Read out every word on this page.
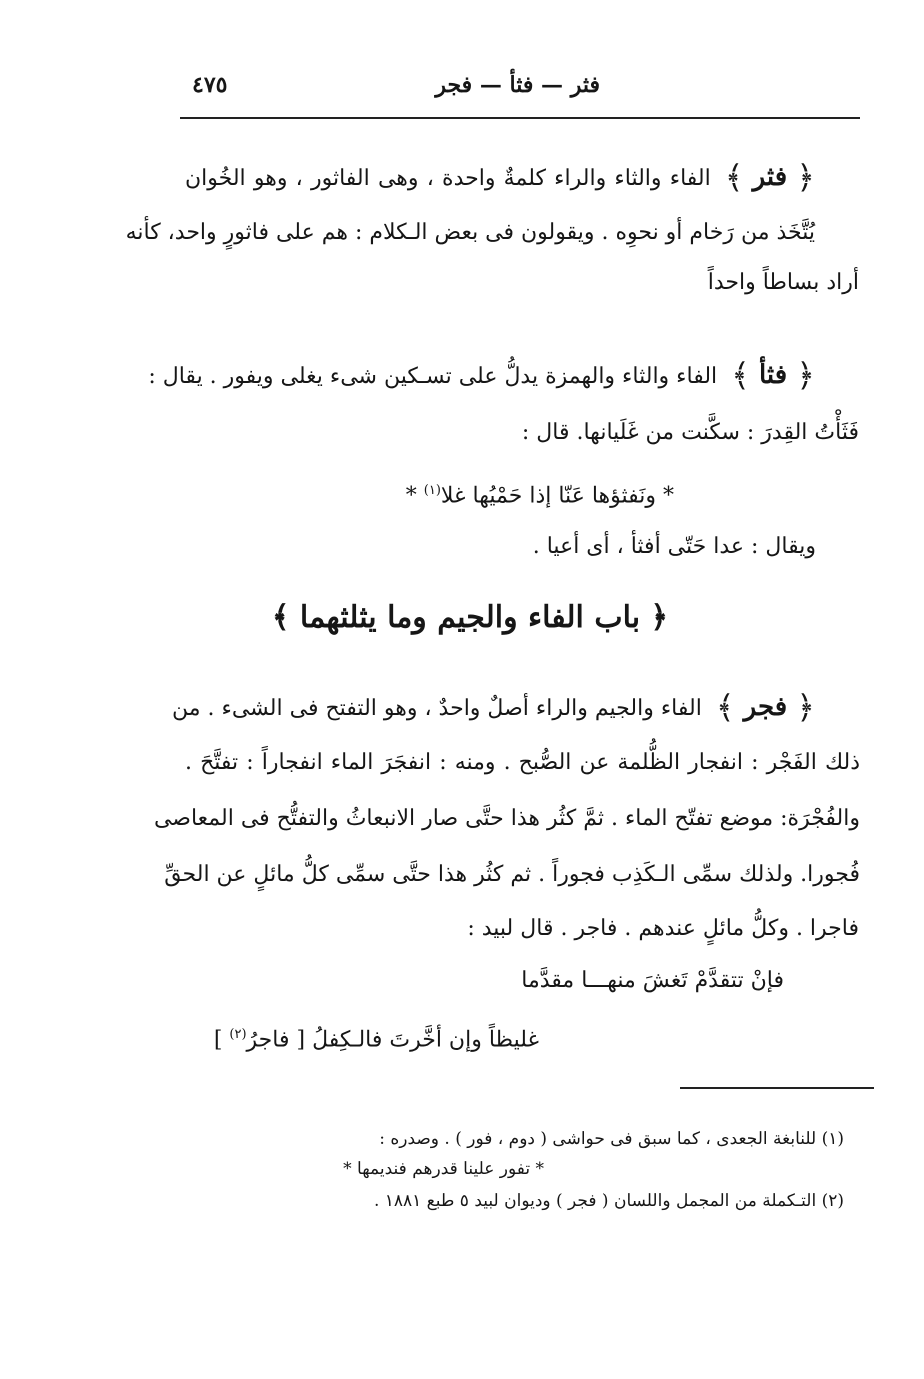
فثر — فثأ — فجر
٤٧٥
﴿ فثر ﴾الفاء والثاء والراء كلمةٌ واحدة ، وهى الفاثور ، وهو الخُوان
يُتَّخَذ من رَخام أو نحوِه . ويقولون فى بعض الـكلام : هم على فاثورٍ واحد، كأنه
أراد بساطاً واحداً
﴿ فثأ ﴾الفاء والثاء والهمزة يدلُّ على تسـكين شىء يغلى ويفور . يقال :
فَثَأْتُ القِدرَ : سكَّنت من غَلَيانها. قال :
* ونَفثؤها عَنّا إذا حَمْيُها غلا$^{(١)}$ *
ويقال : عدا حَتّى أفثأ ، أى أعيا .
﴿ باب الفاء والجيم وما يثلثهما ﴾
﴿ فجر ﴾الفاء والجيم والراء أصلٌ واحدٌ ، وهو التفتح فى الشىء . من
ذلك الفَجْر : انفجار الظُّلمة عن الصُّبح . ومنه : انفجَرَ الماء انفجاراً : تفتَّحَ .
والفُجْرَة: موضع تفتّح الماء . ثمَّ كثُر هذا حتَّى صار الانبعاثُ والتفتُّح فى المعاصى
فُجورا. ولذلك سمِّى الـكَذِب فجوراً . ثم كثُر هذا حتَّى سمِّى كلُّ مائلٍ عن الحقِّ
فاجرا . وكلُّ مائلٍ عندهم . فاجر . قال لبيد :
فإنْ تتقدَّمْ تَغشَ منهـــا مقدَّما
غليظاً وإن أخَّرتَ فالـكِفلُ [ فاجرُ$^{(٢)}$ ]
(١) للنابغة الجعدى ، كما سبق فى حواشى ( دوم ، فور ) . وصدره :
* تفور علينا قدرهم فنديمها *
(٢) التـكملة من المجمل واللسان ( فجر ) وديوان لبيد ٥ طبع ١٨٨١ .
